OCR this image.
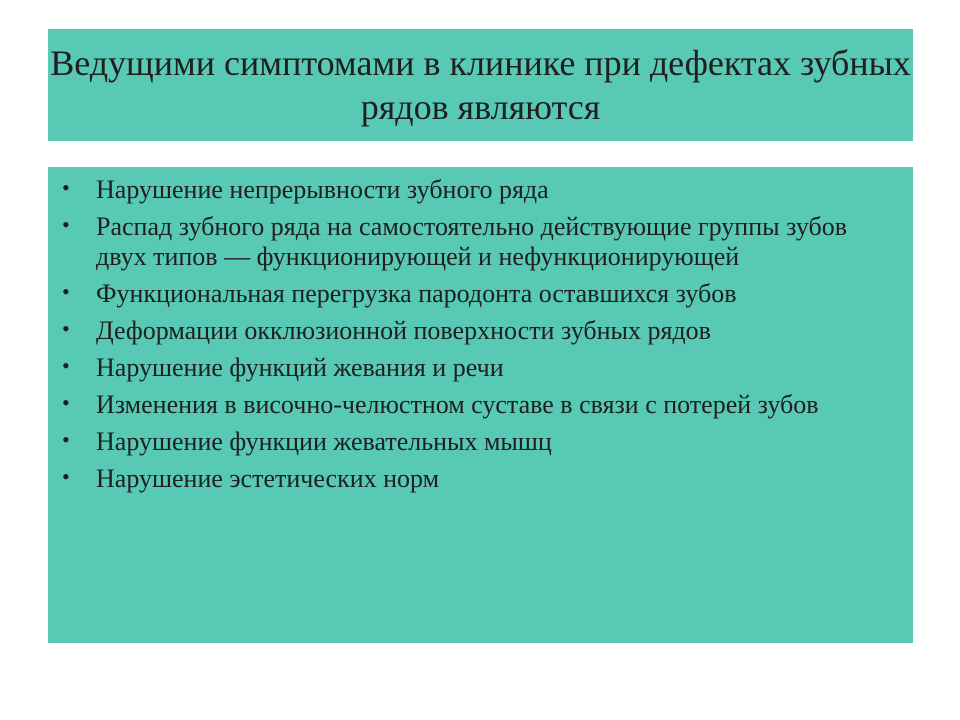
Ведущими симптомами в клинике при дефектах зубных рядов являются
• Нарушение непрерывности зубного ряда
• Распад зубного ряда на самостоятельно действующие группы зубов двух типов — функционирующей и нефункционирующей
• Функциональная перегрузка пародонта оставшихся зубов
• Деформации окклюзионной поверхности зубных рядов
• Нарушение функций жевания и речи
• Изменения в височно-челюстном суставе в связи с потерей зубов
• Нарушение функции жевательных мышц
• Нарушение эстетических норм
